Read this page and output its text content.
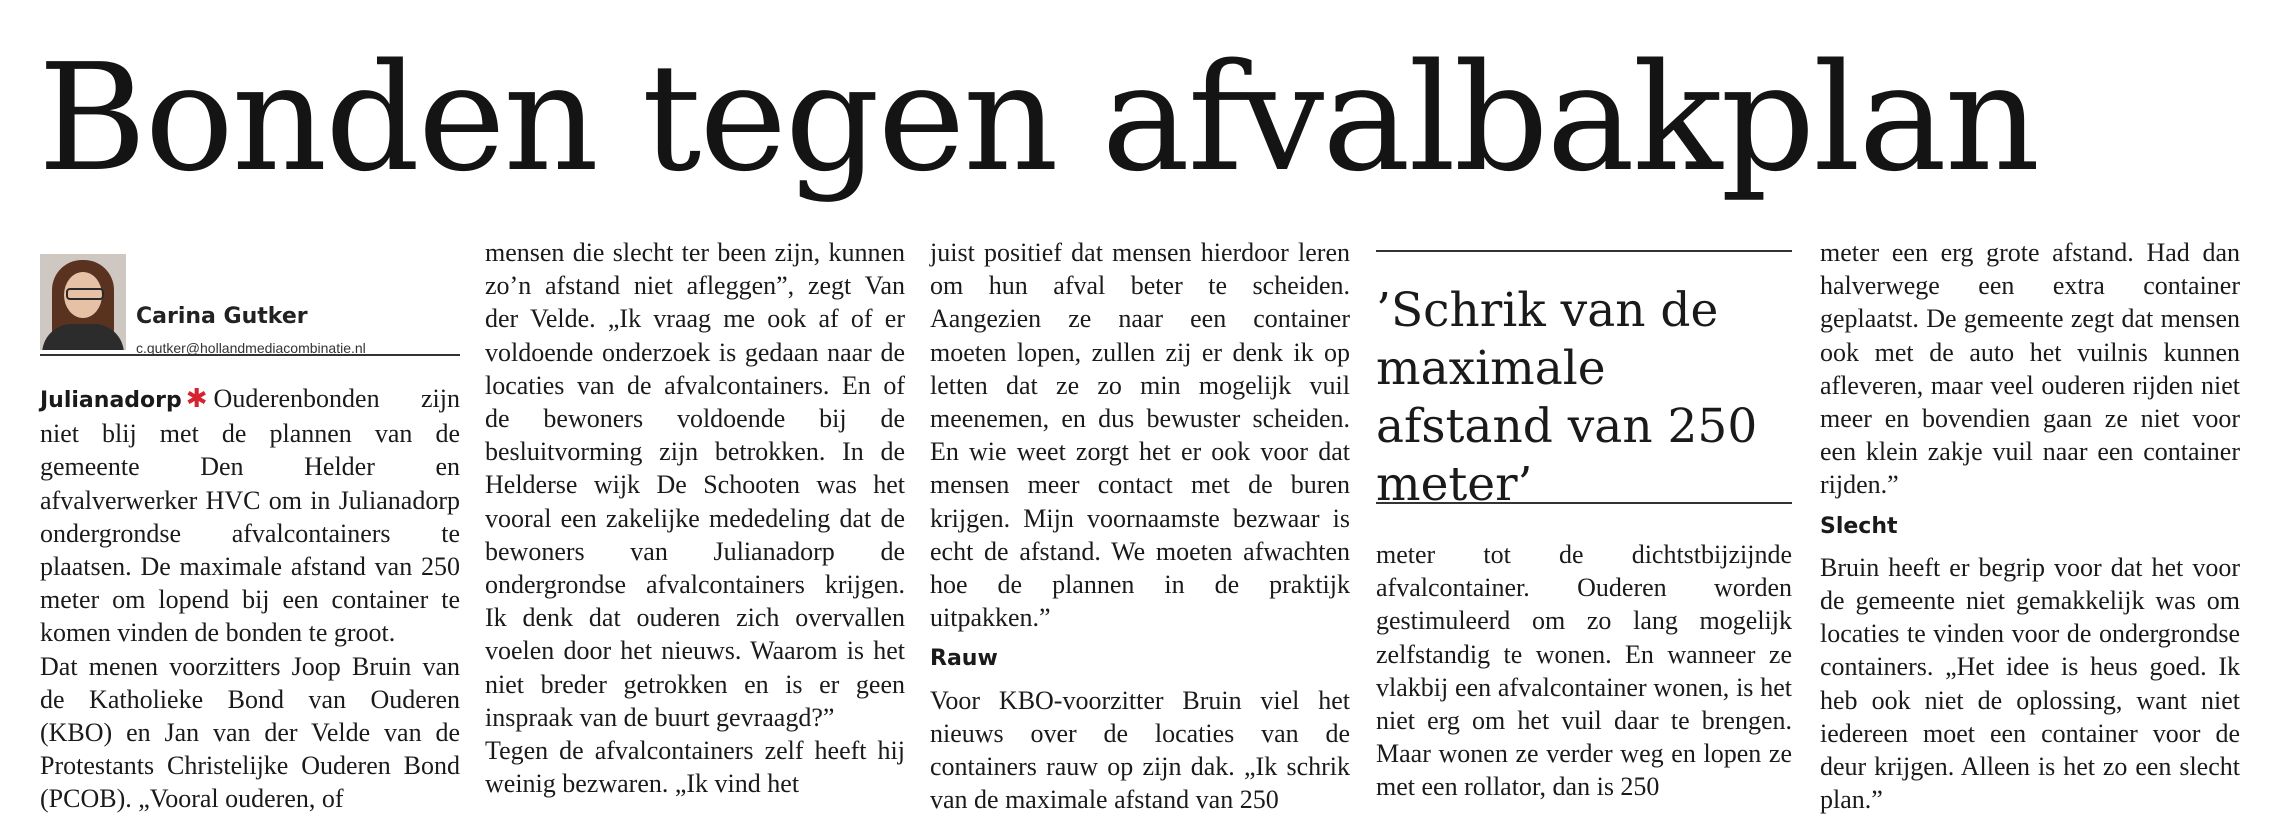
Bonden tegen afvalbakplan
Carina Gutker
c.gutker@hollandmediacombinatie.nl

Julianadorp ✱ Ouderenbonden zijn niet blij met de plannen van de gemeente Den Helder en afvalverwerker HVC om in Julianadorp ondergrondse afvalcontainers te plaatsen. De maximale afstand van 250 meter om lopend bij een container te komen vinden de bonden te groot.

Dat menen voorzitters Joop Bruin van de Katholieke Bond van Ouderen (KBO) en Jan van der Velde van de Protestants Christelijke Ouderen Bond (PCOB). „Vooral ouderen, of

mensen die slecht ter been zijn, kunnen zo’n afstand niet afleggen”, zegt Van der Velde. „Ik vraag me ook af of er voldoende onderzoek is gedaan naar de locaties van de afvalcontainers. En of de bewoners voldoende bij de besluitvorming zijn betrokken. In de Helderse wijk De Schooten was het vooral een zakelijke mededeling dat de bewoners van Julianadorp de ondergrondse afvalcontainers krijgen. Ik denk dat ouderen zich overvallen voelen door het nieuws. Waarom is het niet breder getrokken en is er geen inspraak van de buurt gevraagd?”

Tegen de afvalcontainers zelf heeft hij weinig bezwaren. „Ik vind het

juist positief dat mensen hierdoor leren om hun afval beter te scheiden. Aangezien ze naar een container moeten lopen, zullen zij er denk ik op letten dat ze zo min mogelijk vuil meenemen, en dus bewuster scheiden. En wie weet zorgt het er ook voor dat mensen meer contact met de buren krijgen. Mijn voornaamste bezwaar is echt de afstand. We moeten afwachten hoe de plannen in de praktijk uitpakken.”

Rauw

Voor KBO-voorzitter Bruin viel het nieuws over de locaties van de containers rauw op zijn dak. „Ik schrik van de maximale afstand van 250

’Schrik van de maximale afstand van 250 meter’

meter tot de dichtstbijzijnde afvalcontainer. Ouderen worden gestimuleerd om zo lang mogelijk zelfstandig te wonen. En wanneer ze vlakbij een afvalcontainer wonen, is het niet erg om het vuil daar te brengen. Maar wonen ze verder weg en lopen ze met een rollator, dan is 250

meter een erg grote afstand. Had dan halverwege een extra container geplaatst. De gemeente zegt dat mensen ook met de auto het vuilnis kunnen afleveren, maar veel ouderen rijden niet meer en bovendien gaan ze niet voor een klein zakje vuil naar een container rijden.”

Slecht

Bruin heeft er begrip voor dat het voor de gemeente niet gemakkelijk was om locaties te vinden voor de ondergrondse containers. „Het idee is heus goed. Ik heb ook niet de oplossing, want niet iedereen moet een container voor de deur krijgen. Alleen is het zo een slecht plan.”
